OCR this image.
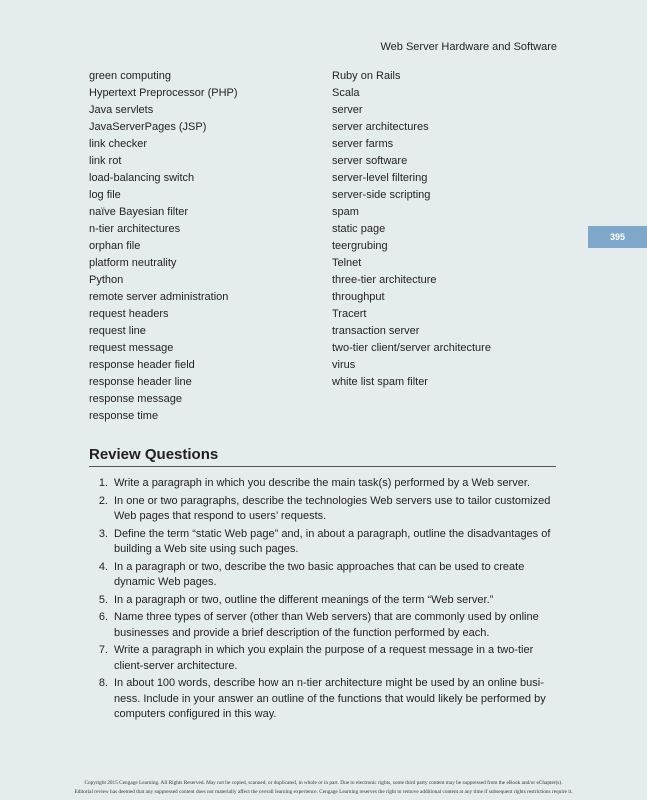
Web Server Hardware and Software
395
green computing
Hypertext Preprocessor (PHP)
Java servlets
JavaServerPages (JSP)
link checker
link rot
load-balancing switch
log file
naïve Bayesian filter
n-tier architectures
orphan file
platform neutrality
Python
remote server administration
request headers
request line
request message
response header field
response header line
response message
response time
Ruby on Rails
Scala
server
server architectures
server farms
server software
server-level filtering
server-side scripting
spam
static page
teergrubing
Telnet
three-tier architecture
throughput
Tracert
transaction server
two-tier client/server architecture
virus
white list spam filter
Review Questions
1. Write a paragraph in which you describe the main task(s) performed by a Web server.
2. In one or two paragraphs, describe the technologies Web servers use to tailor customized Web pages that respond to users’ requests.
3. Define the term “static Web page” and, in about a paragraph, outline the disadvantages of building a Web site using such pages.
4. In a paragraph or two, describe the two basic approaches that can be used to create dynamic Web pages.
5. In a paragraph or two, outline the different meanings of the term “Web server.”
6. Name three types of server (other than Web servers) that are commonly used by online businesses and provide a brief description of the function performed by each.
7. Write a paragraph in which you explain the purpose of a request message in a two-tier client-server architecture.
8. In about 100 words, describe how an n-tier architecture might be used by an online busi-ness. Include in your answer an outline of the functions that would likely be performed by computers configured in this way.
Copyright 2015 Cengage Learning. All Rights Reserved. May not be copied, scanned, or duplicated, in whole or in part. Due to electronic rights, some third party content may be suppressed from the eBook and/or eChapter(s).
Editorial review has deemed that any suppressed content does not materially affect the overall learning experience. Cengage Learning reserves the right to remove additional content at any time if subsequent rights restrictions require it.
